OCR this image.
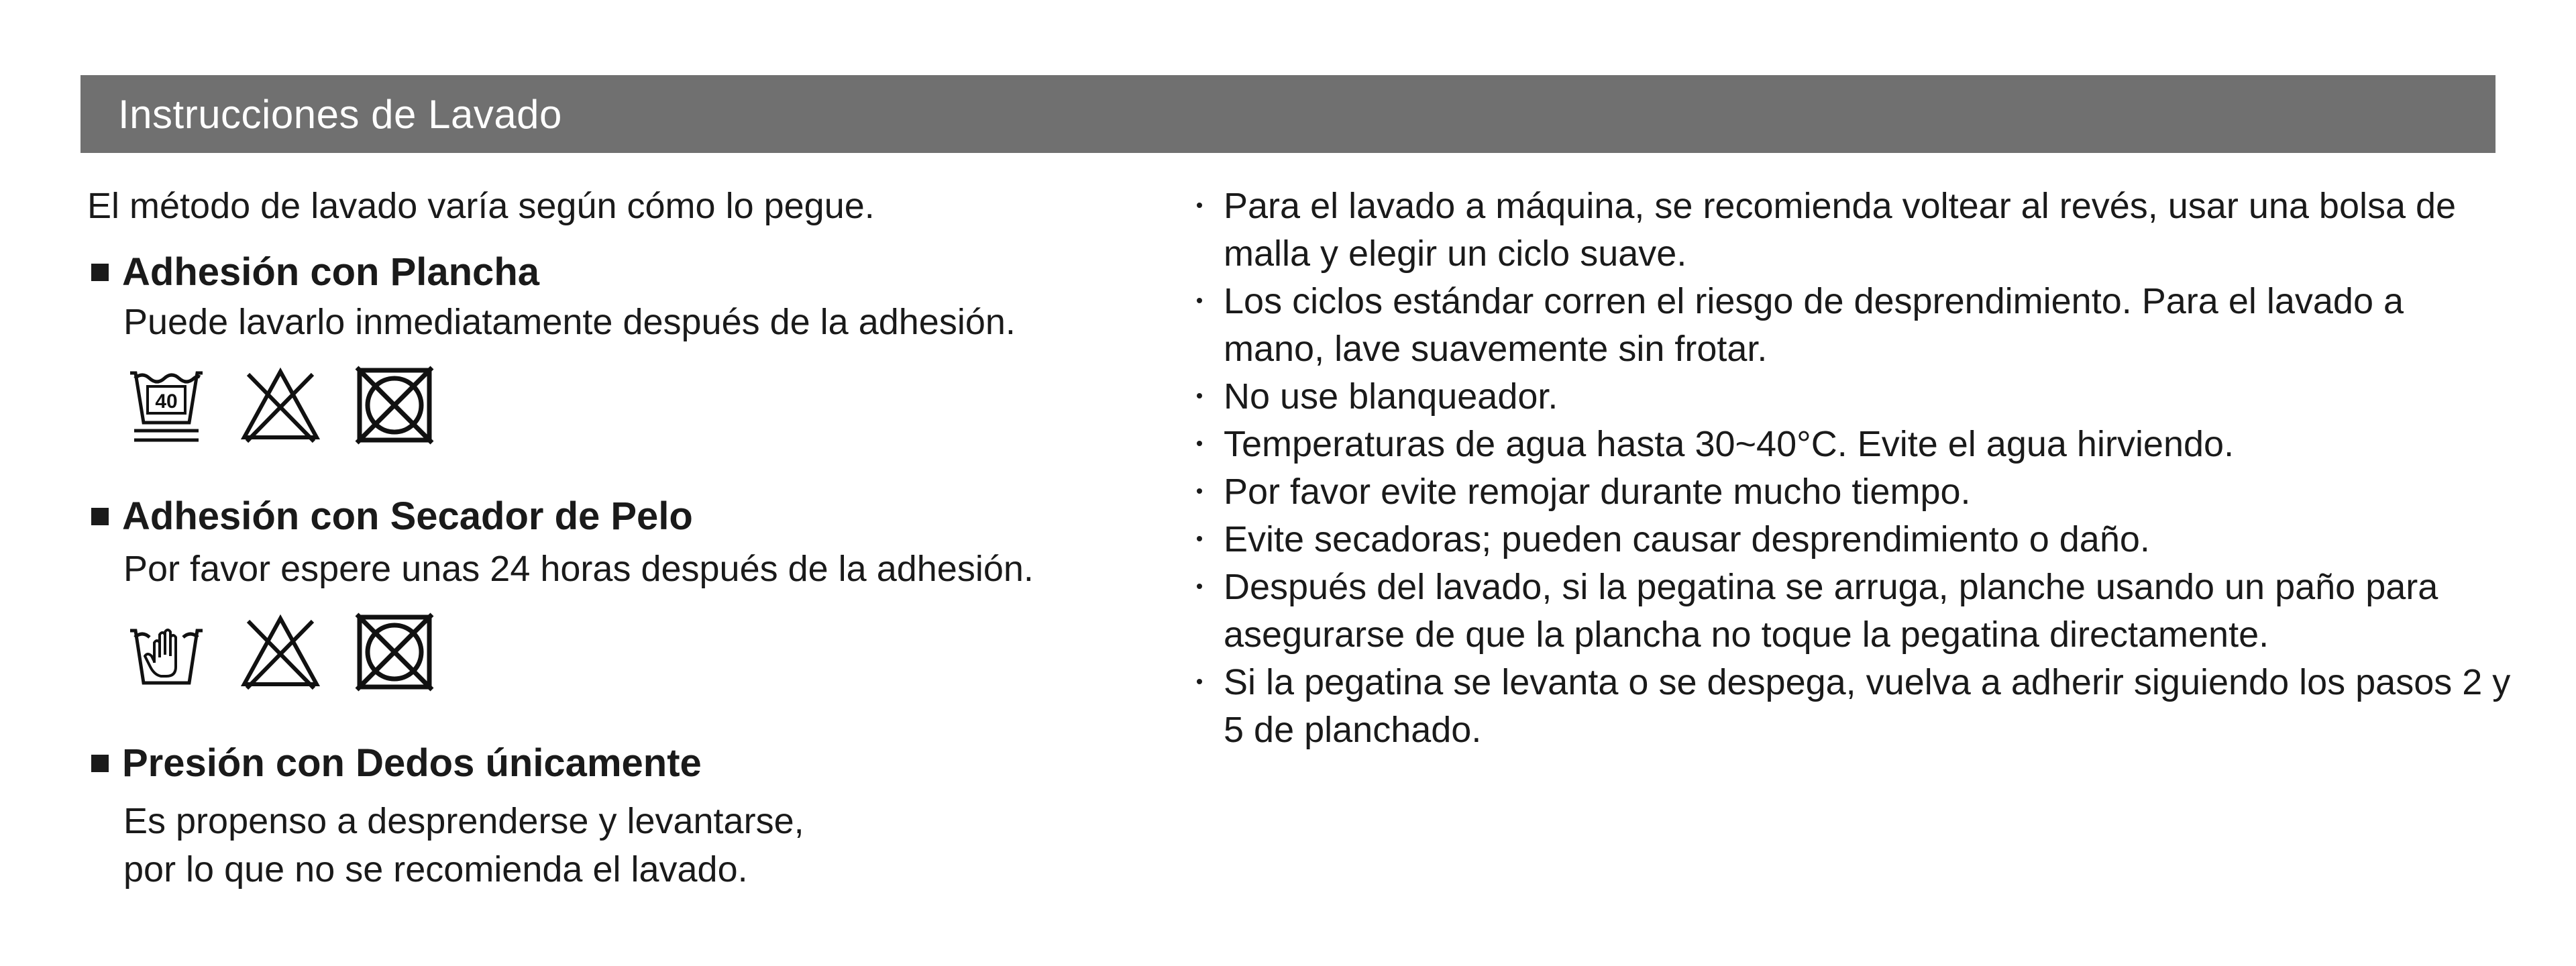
Instrucciones de Lavado

El método de lavado varía según cómo lo pegue.

Adhesión con Plancha

Puede lavarlo inmediatamente después de la adhesión.

40
Adhesión con Secador de Pelo

Por favor espere unas 24 horas después de la adhesión.

Presión con Dedos únicamente

Es propenso a desprenderse y levantarse,

por lo que no se recomienda el lavado.

Para el lavado a máquina, se recomienda voltear al revés, usar una bolsa de malla y elegir un ciclo suave.
Los ciclos estándar corren el riesgo de desprendimiento. Para el lavado a mano, lave suavemente sin frotar.
No use blanqueador.
Temperaturas de agua hasta 30~40°C. Evite el agua hirviendo.
Por favor evite remojar durante mucho tiempo.
Evite secadoras; pueden causar desprendimiento o daño.
Después del lavado, si la pegatina se arruga, planche usando un paño para asegurarse de que la plancha no toque la pegatina directamente.
Si la pegatina se levanta o se despega, vuelva a adherir siguiendo los pasos 2 y 5 de planchado.
